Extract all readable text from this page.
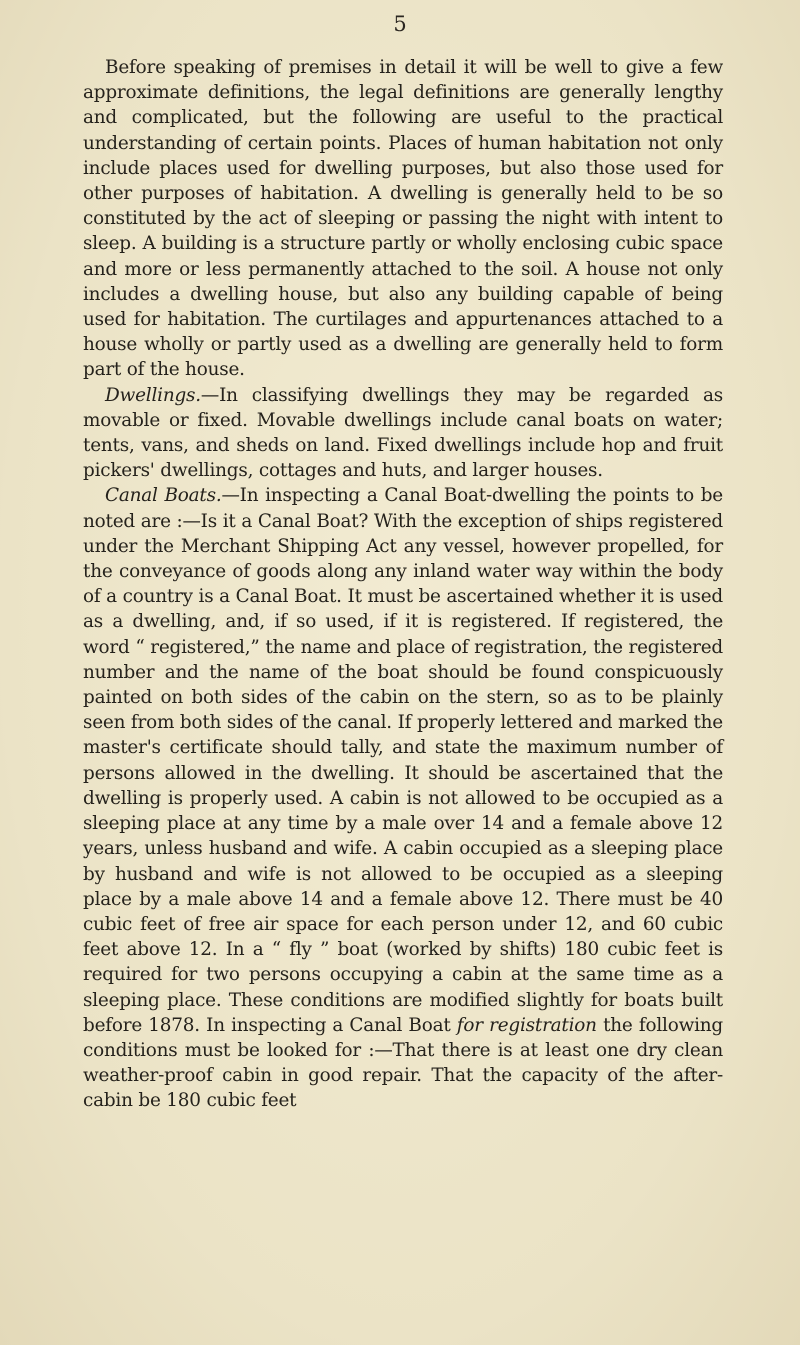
5

Before speaking of premises in detail it will be well to give a few approximate definitions, the legal definitions are generally lengthy and complicated, but the following are useful to the practical understanding of certain points. Places of human habitation not only include places used for dwelling purposes, but also those used for other purposes of habitation. A dwelling is generally held to be so constituted by the act of sleeping or passing the night with intent to sleep. A building is a structure partly or wholly enclosing cubic space and more or less permanently attached to the soil. A house not only includes a dwelling house, but also any building capable of being used for habitation. The curtilages and appurtenances attached to a house wholly or partly used as a dwelling are generally held to form part of the house.

Dwellings.—In classifying dwellings they may be regarded as movable or fixed. Movable dwellings include canal boats on water; tents, vans, and sheds on land. Fixed dwellings include hop and fruit pickers' dwellings, cottages and huts, and larger houses.

Canal Boats.—In inspecting a Canal Boat-dwelling the points to be noted are :—Is it a Canal Boat? With the exception of ships registered under the Merchant Shipping Act any vessel, however propelled, for the conveyance of goods along any inland water way within the body of a country is a Canal Boat. It must be ascertained whether it is used as a dwelling, and, if so used, if it is registered. If registered, the word “ registered,” the name and place of registration, the registered number and the name of the boat should be found conspicuously painted on both sides of the cabin on the stern, so as to be plainly seen from both sides of the canal. If properly lettered and marked the master's certificate should tally, and state the maximum number of persons allowed in the dwelling. It should be ascertained that the dwelling is properly used. A cabin is not allowed to be occupied as a sleeping place at any time by a male over 14 and a female above 12 years, unless husband and wife. A cabin occupied as a sleeping place by husband and wife is not allowed to be occupied as a sleeping place by a male above 14 and a female above 12. There must be 40 cubic feet of free air space for each person under 12, and 60 cubic feet above 12. In a “ fly ” boat (worked by shifts) 180 cubic feet is required for two persons occupying a cabin at the same time as a sleeping place. These conditions are modified slightly for boats built before 1878. In inspecting a Canal Boat for registration the following conditions must be looked for :—That there is at least one dry clean weather-proof cabin in good repair. That the capacity of the after-cabin be 180 cubic feet
